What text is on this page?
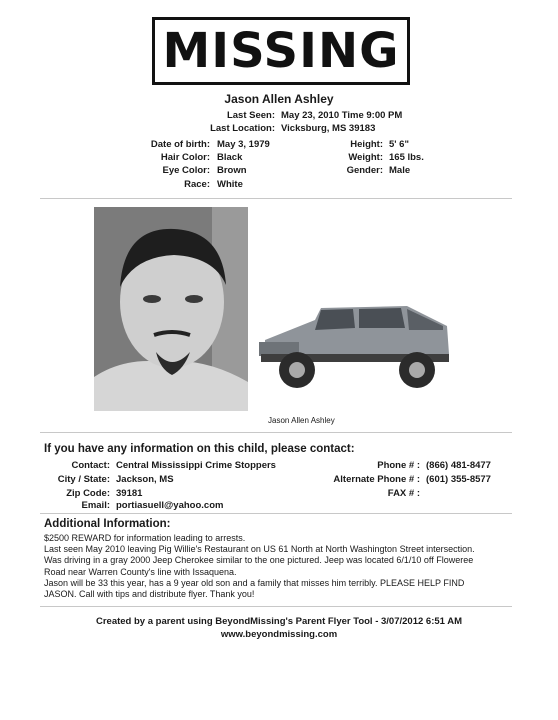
MISSING
Jason Allen Ashley
Last Seen: May 23, 2010 Time 9:00 PM
Last Location: Vicksburg, MS 39183
Date of birth: May 3, 1979
Hair Color: Black
Eye Color: Brown
Race: White
Height: 5' 6"
Weight: 165 lbs.
Gender: Male
Jason Allen Ashley
If you have any information on this child, please contact:
Contact: Central Mississippi Crime Stoppers
City / State: Jackson, MS
Zip Code: 39181
Email: portiasuell@yahoo.com
Phone # : (866) 481-8477
Alternate Phone # : (601) 355-8577
FAX # :
Additional Information:
$2500 REWARD for information leading to arrests.
Last seen May 2010 leaving Pig Willie's Restaurant on US 61 North at North Washington Street intersection.
Was driving in a gray 2000 Jeep Cherokee similar to the one pictured. Jeep was located 6/1/10 off Floweree
Road near Warren County's line with Issaquena.
Jason will be 33 this year, has a 9 year old son and a family that misses him terribly. PLEASE HELP FIND
JASON. Call with tips and distribute flyer. Thank you!
Created by a parent using BeyondMissing's Parent Flyer Tool - 3/07/2012 6:51 AM
www.beyondmissing.com
